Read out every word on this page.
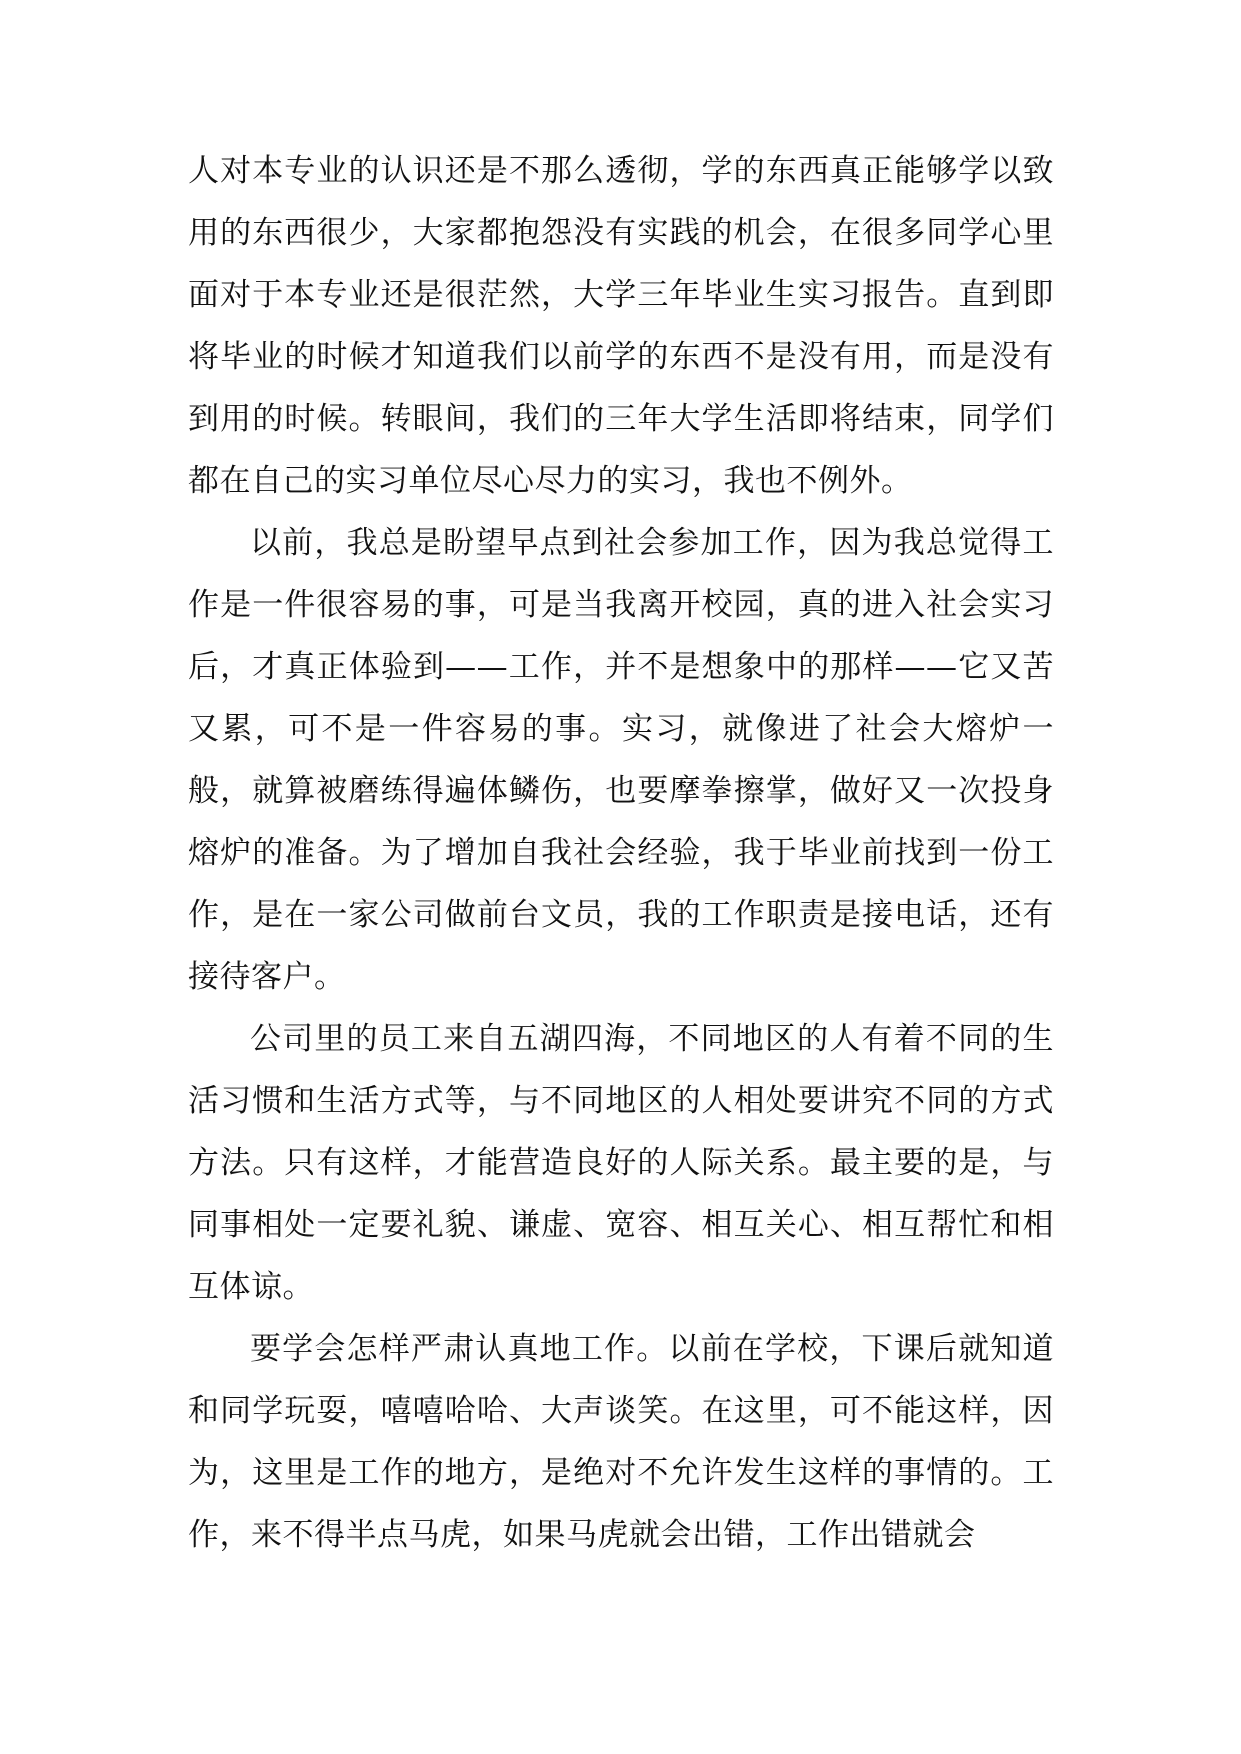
人对本专业的认识还是不那么透彻，学的东西真正能够学以致用的东西很少，大家都抱怨没有实践的机会，在很多同学心里面对于本专业还是很茫然，大学三年毕业生实习报告。直到即将毕业的时候才知道我们以前学的东西不是没有用，而是没有到用的时候。转眼间，我们的三年大学生活即将结束，同学们都在自己的实习单位尽心尽力的实习，我也不例外。

以前，我总是盼望早点到社会参加工作，因为我总觉得工作是一件很容易的事，可是当我离开校园，真的进入社会实习后，才真正体验到——工作，并不是想象中的那样——它又苦又累，可不是一件容易的事。实习，就像进了社会大熔炉一般，就算被磨练得遍体鳞伤，也要摩拳擦掌，做好又一次投身熔炉的准备。为了增加自我社会经验，我于毕业前找到一份工作，是在一家公司做前台文员，我的工作职责是接电话，还有接待客户。

公司里的员工来自五湖四海，不同地区的人有着不同的生活习惯和生活方式等，与不同地区的人相处要讲究不同的方式方法。只有这样，才能营造良好的人际关系。最主要的是，与同事相处一定要礼貌、谦虚、宽容、相互关心、相互帮忙和相互体谅。

要学会怎样严肃认真地工作。以前在学校，下课后就知道和同学玩耍，嘻嘻哈哈、大声谈笑。在这里，可不能这样，因为，这里是工作的地方，是绝对不允许发生这样的事情的。工作，来不得半点马虎，如果马虎就会出错，工作出错就会
